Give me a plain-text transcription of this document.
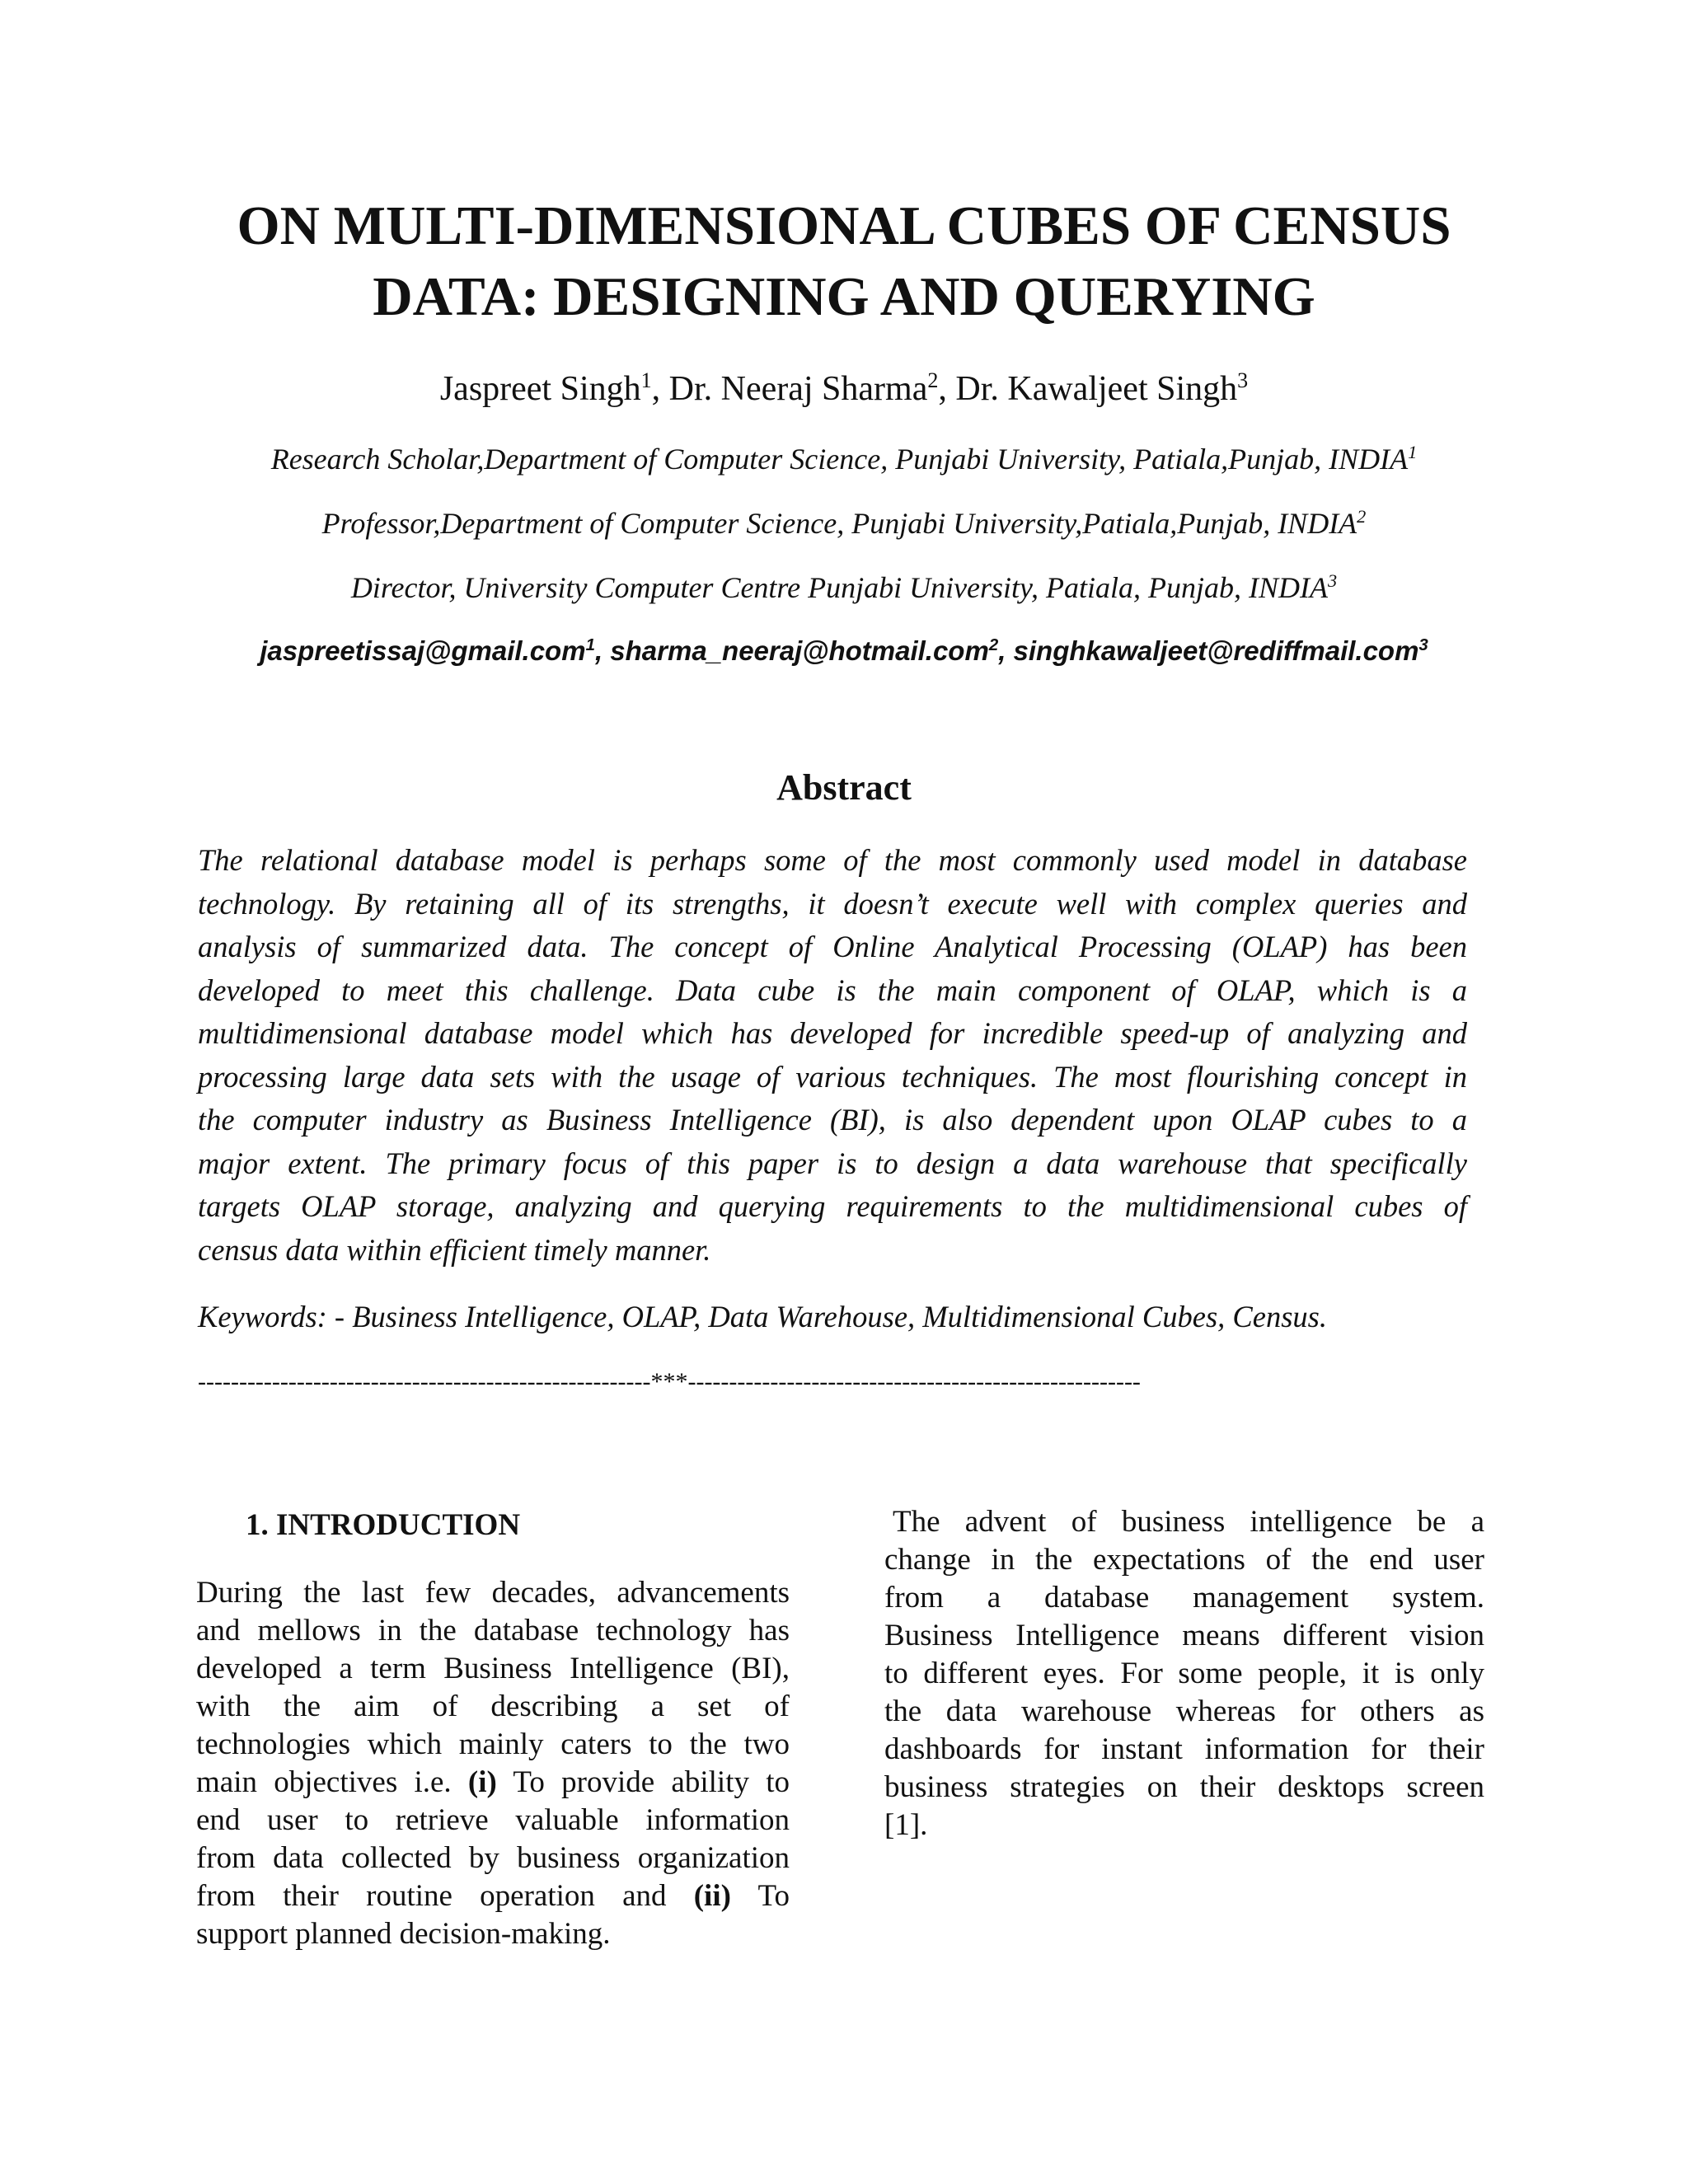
ON MULTI-DIMENSIONAL CUBES OF CENSUS
DATA: DESIGNING AND QUERYING
Jaspreet Singh$^1$, Dr. Neeraj Sharma$^2$, Dr. Kawaljeet Singh$^3$
Research Scholar,Department of Computer Science, Punjabi University, Patiala,Punjab, INDIA$^1$
Professor,Department of Computer Science, Punjabi University,Patiala,Punjab, INDIA$^2$
Director, University Computer Centre Punjabi University, Patiala, Punjab, INDIA$^3$
jaspreetissaj@gmail.com$^1$, sharma_neeraj@hotmail.com$^2$, singhkawaljeet@rediffmail.com$^3$
Abstract
The relational database model is perhaps some of the most commonly used model in database
technology. By retaining all of its strengths, it doesn’t execute well with complex queries and
analysis of summarized data. The concept of Online Analytical Processing (OLAP) has been
developed to meet this challenge. Data cube is the main component of OLAP, which is a
multidimensional database model which has developed for incredible speed-up of analyzing and
processing large data sets with the usage of various techniques. The most flourishing concept in
the computer industry as Business Intelligence (BI), is also dependent upon OLAP cubes to a
major extent. The primary focus of this paper is to design a data warehouse that specifically
targets OLAP storage, analyzing and querying requirements to the multidimensional cubes of
census data within efficient timely manner.
Keywords: - Business Intelligence, OLAP, Data Warehouse, Multidimensional Cubes, Census.
-------------------------------------------------------***-------------------------------------------------------
1. INTRODUCTION
During the last few decades, advancements
and mellows in the database technology has
developed a term Business Intelligence (BI),
with the aim of describing a set of
technologies which mainly caters to the two
main objectives i.e. (i) To provide ability to
end user to retrieve valuable information
from data collected by business organization
from their routine operation and (ii) To
support planned decision-making.
The advent of business intelligence be a
change in the expectations of the end user
from a database management system.
Business Intelligence means different vision
to different eyes. For some people, it is only
the data warehouse whereas for others as
dashboards for instant information for their
business strategies on their desktops screen
[1].
